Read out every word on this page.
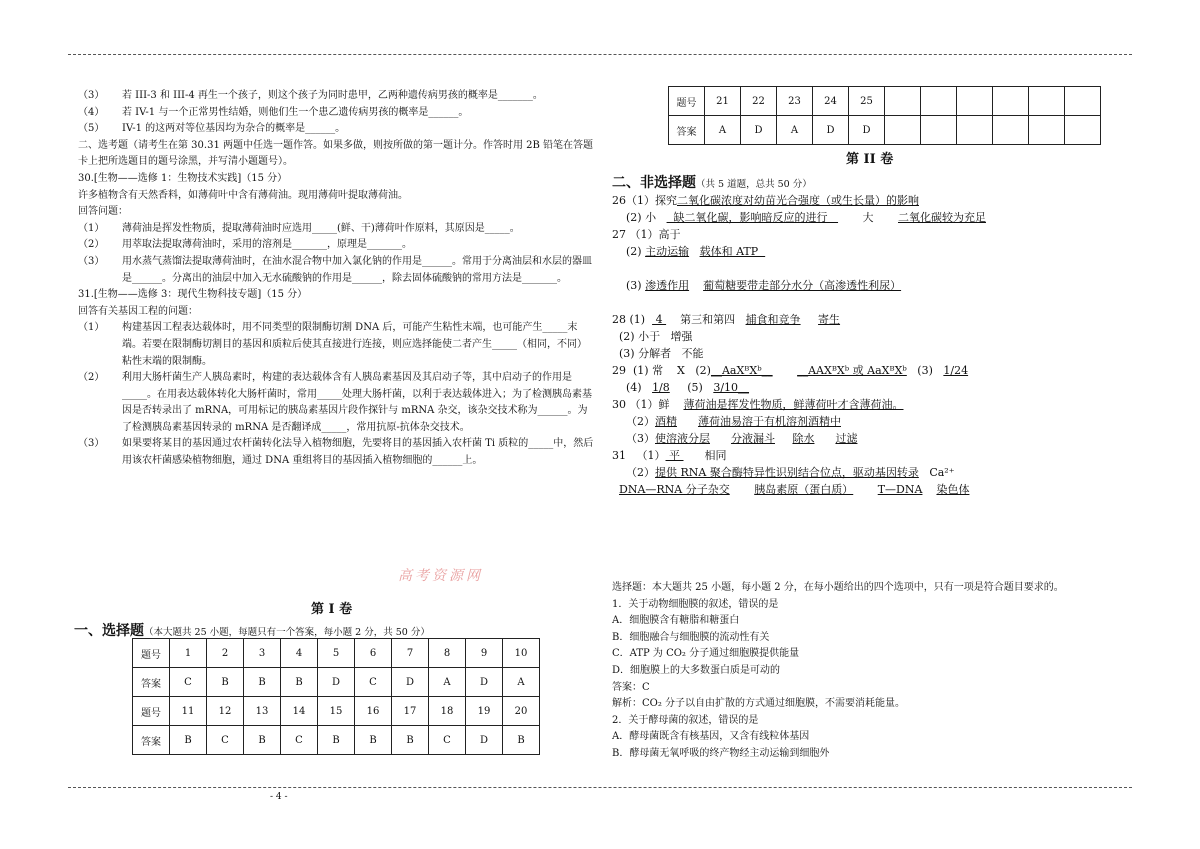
- 4 -
（3）	若 III-3 和 III-4 再生一个孩子，则这个孩子为同时患甲，乙两种遗传病男孩的概率是_______。
（4）	若 IV-1 与一个正常男性结婚，则他们生一个患乙遗传病男孩的概率是______。
（5）	IV-1 的这两对等位基因均为杂合的概率是______。
二、选考题（请考生在第 30.31 两题中任选一题作答。如果多做，则按所做的第一题计分。作答时用 2B 铅笔在答题卡上把所选题目的题号涂黑，并写清小题题号）。
30.[生物——选修 1：生物技术实践]（15 分）
许多植物含有天然香料，如薄荷叶中含有薄荷油。现用薄荷叶提取薄荷油。
回答问题：
（1）	薄荷油是挥发性物质，提取薄荷油时应选用_____(鲜、干)薄荷叶作原料，其原因是_____。
（2）	用萃取法提取薄荷油时，采用的溶剂是_______，原理是_______。
（3）	用水蒸气蒸馏法提取薄荷油时，在油水混合物中加入氯化钠的作用是______。常用于分离油层和水层的器皿是______。分离出的油层中加入无水硫酸钠的作用是______，除去固体硫酸钠的常用方法是_______。
31.[生物——选修 3：现代生物科技专题]（15 分）
回答有关基因工程的问题：
（1）	构建基因工程表达载体时，用不同类型的限制酶切割 DNA 后，可能产生粘性末端，也可能产生_____末端。若要在限制酶切割目的基因和质粒后使其直接进行连接，则应选择能使二者产生_____（相同，不同）粘性末端的限制酶。
（2）	利用大肠杆菌生产人胰岛素时，构建的表达载体含有人胰岛素基因及其启动子等，其中启动子的作用是_____。在用表达载体转化大肠杆菌时，常用_____处理大肠杆菌，以利于表达载体进入；为了检测胰岛素基因是否转录出了 mRNA，可用标记的胰岛素基因片段作探针与 mRNA 杂交，该杂交技术称为______。为了检测胰岛素基因转录的 mRNA 是否翻译成_____，常用抗原-抗体杂交技术。
（3）	如果要将某目的基因通过农杆菌转化法导入植物细胞，先要将目的基因插入农杆菌 Ti 质粒的_____中，然后用该农杆菌感染植物细胞，通过 DNA 重组将目的基因插入植物细胞的______上。
题号	21	22	23	24	25						
答案	A	D	A	D	D						
第 II 卷
二、非选择题（共 5 道题，总共 50 分）
26（1）探究二氧化碳浓度对幼苗光合强度（或生长量）的影响
(2) 小     缺二氧化碳，影响暗反应的进行          大       二氧化碳较为充足
27 （1）高于
(2) 主动运输 载体和 ATP
(3) 渗透作用 葡萄糖要带走部分水分（高渗透性利尿）
28 (1)   4     第三和第四   捕食和竞争 寄生
(2) 小于   增强
(3) 分解者   不能
29  (1) 常    X   (2)__AaXᴮXᵇ__ __AAXᴮXᵇ 或 AaXᴮXᵇ   (3)   1/24
(4)   1/8     (5)   3/10__
30 （1）鲜    薄荷油是挥发性物质，鲜薄荷叶才含薄荷油。
（2）酒精 薄荷油易溶于有机溶剂酒精中
（3）使溶液分层 分液漏斗 除水 过滤
31   （1） 平       相同
（2）提供 RNA 聚合酶特异性识别结合位点，驱动基因转录   Ca²⁺
DNA—RNA 分子杂交 胰岛素原（蛋白质） T—DNA 染色体
高考资源网
第 I 卷
一、选择题（本大题共 25 小题，每题只有一个答案，每小题 2 分，共 50 分）
题号	1	2	3	4	5	6	7	8	9	10
答案	C	B	B	B	D	C	D	A	D	A
题号	11	12	13	14	15	16	17	18	19	20
答案	B	C	B	C	B	B	B	C	D	B
选择题：本大题共 25 小题，每小题 2 分，在每小题给出的四个选项中，只有一项是符合题目要求的。
1．关于动物细胞膜的叙述，错误的是
A．细胞膜含有糖脂和糖蛋白
B．细胞融合与细胞膜的流动性有关
C．ATP 为 CO₂ 分子通过细胞膜提供能量
D．细胞膜上的大多数蛋白质是可动的
答案：C
解析：CO₂ 分子以自由扩散的方式通过细胞膜，不需要消耗能量。
2．关于酵母菌的叙述，错误的是
A．酵母菌既含有核基因，又含有线粒体基因
B．酵母菌无氧呼吸的终产物经主动运输到细胞外
